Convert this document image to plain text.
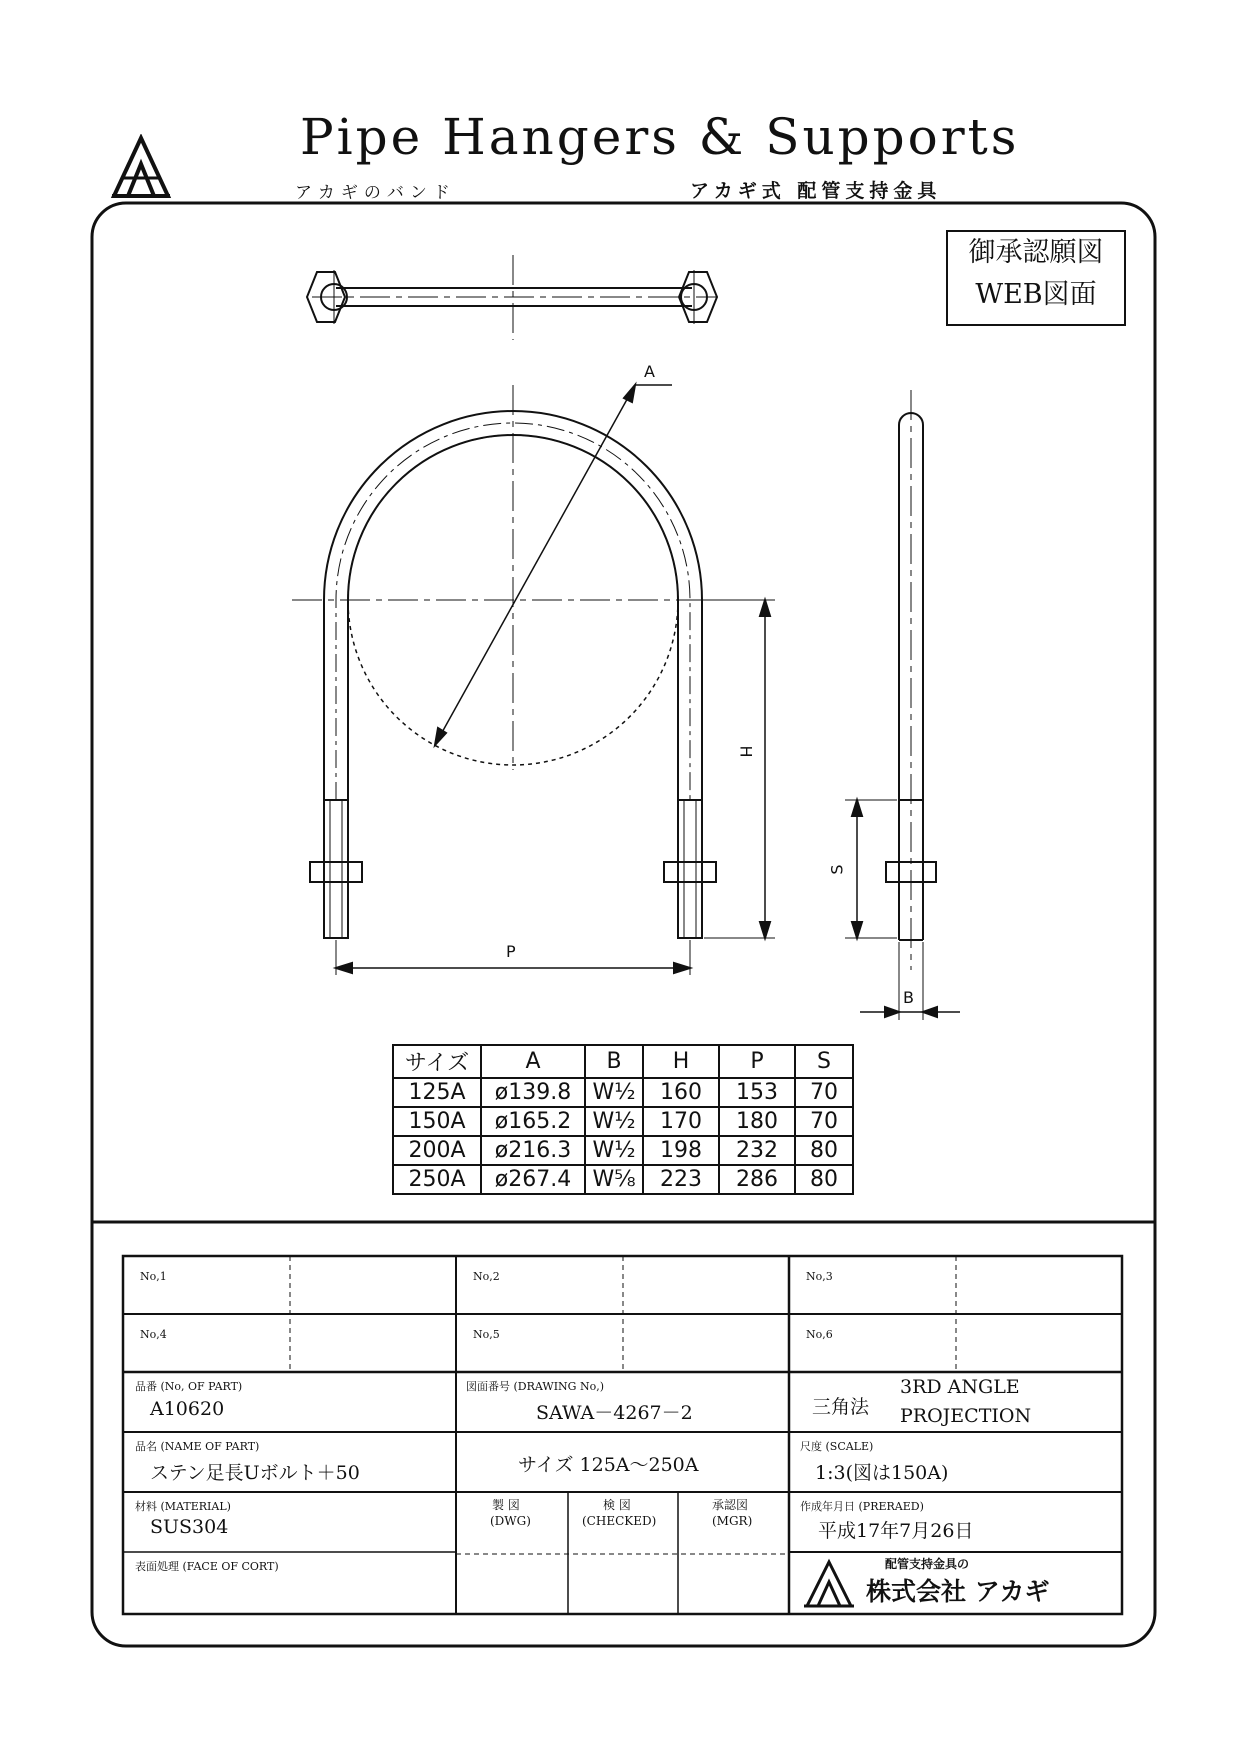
Pipe Hangers & Supports
アカギのバンド	アカギ式 配管支持金具
A
P
H
S
B
御承認願図
WEB図面
サイズ	A	B	H	P	S
125A	ø139.8	W½	160	153	70
150A	ø165.2	W½	170	180	70
200A	ø216.3	W½	198	232	80
250A	ø267.4	W⅝	223	286	80
No,1	No,2	No,3
No,4	No,5	No,6
品番 (No, OF PART)
A10620
図面番号 (DRAWING No,)
SAWA－4267－2	三角法
3RD ANGLE
PROJECTION
品名 (NAME OF PART)
ステン足長Uボルト＋50	サイズ 125A～250A
尺度 (SCALE)
1:3(図は150A)
材料 (MATERIAL)
SUS304
製 図
(DWG)
検 図
(CHECKED)
承認図
(MGR)
作成年月日 (PRERAED)
平成17年7月26日
表面処理 (FACE OF CORT)	配管支持金具の
株式会社 アカギ
